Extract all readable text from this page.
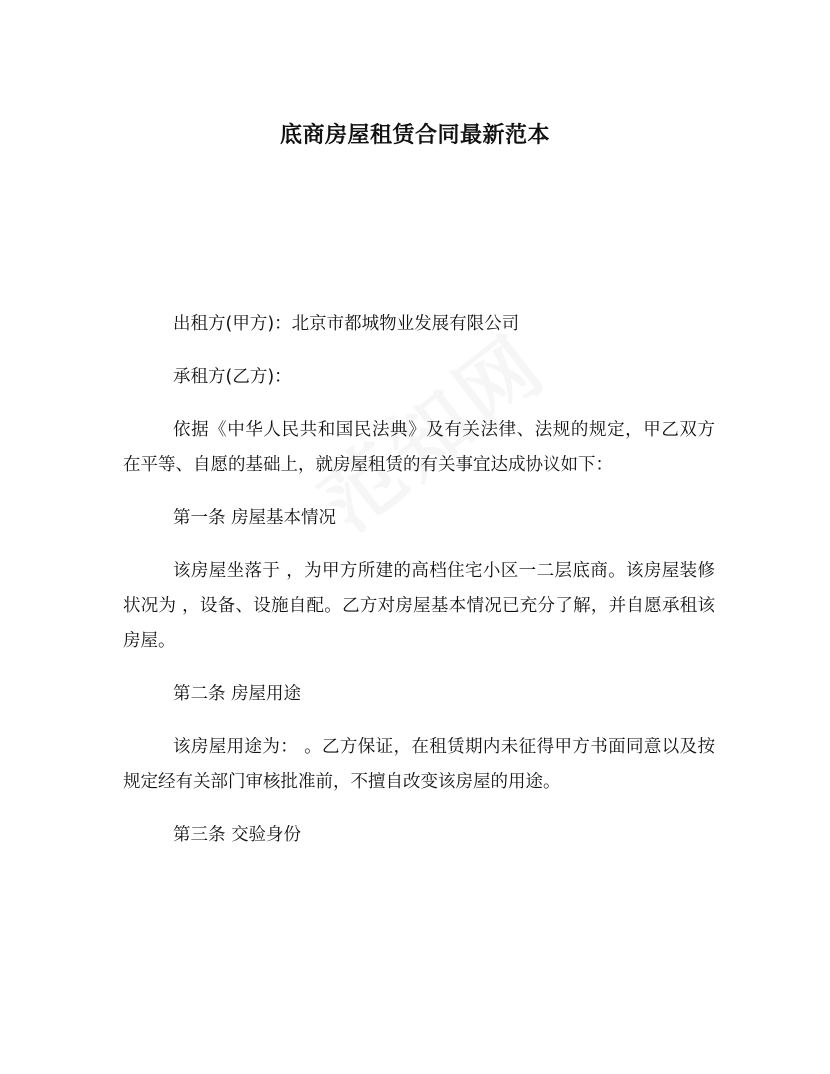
底商房屋租赁合同最新范本

出租方(甲方)：北京市都城物业发展有限公司

承租方(乙方)：

依据《中华人民共和国民法典》及有关法律、法规的规定，甲乙双方在平等、自愿的基础上，就房屋租赁的有关事宜达成协议如下：

第一条 房屋基本情况

该房屋坐落于 ，为甲方所建的高档住宅小区一二层底商。该房屋装修状况为 ，设备、设施自配。乙方对房屋基本情况已充分了解，并自愿承租该房屋。

第二条 房屋用途

该房屋用途为： 。乙方保证，在租赁期内未征得甲方书面同意以及按规定经有关部门审核批准前，不擅自改变该房屋的用途。

第三条 交验身份
